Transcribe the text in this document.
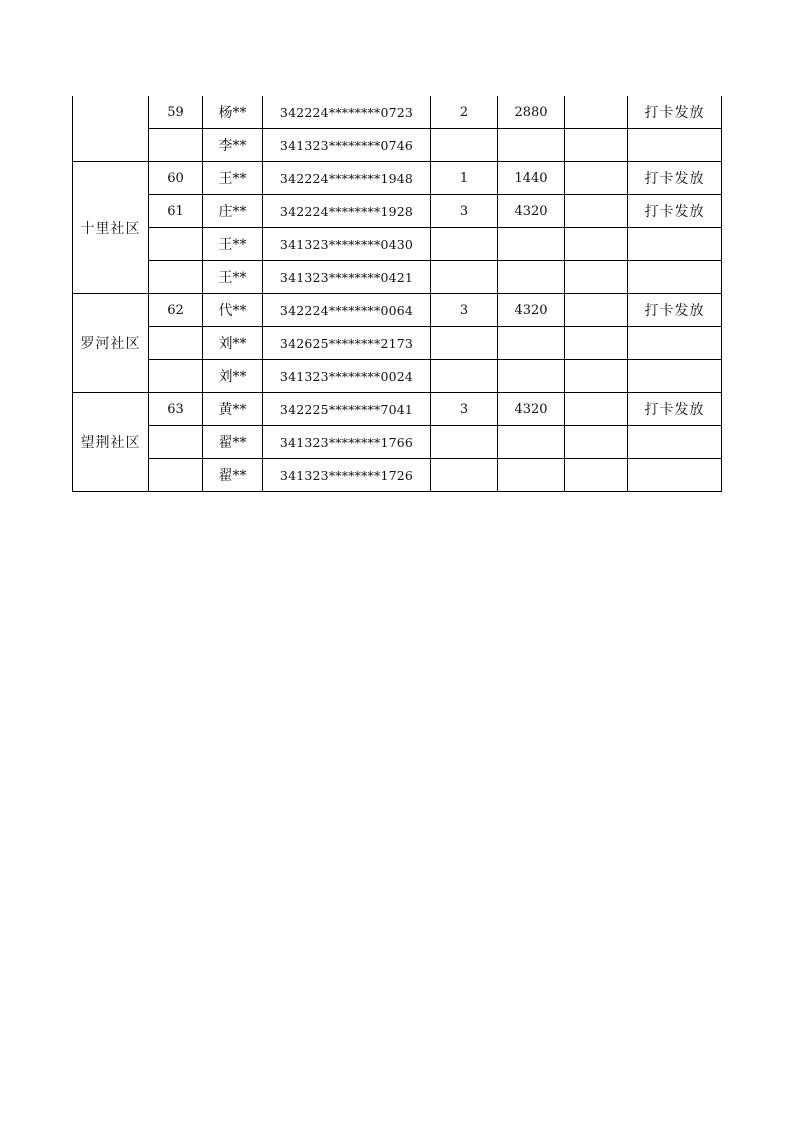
	59	杨**	342224********0723	2	2880		打卡发放
		李**	341323********0746				
十里社区	60	王**	342224********1948	1	1440		打卡发放
	61	庄**	342224********1928	3	4320		打卡发放
		王**	341323********0430				
		王**	341323********0421				
罗河社区	62	代**	342224********0064	3	4320		打卡发放
		刘**	342625********2173				
		刘**	341323********0024				
望荆社区	63	黄**	342225********7041	3	4320		打卡发放
		翟**	341323********1766				
		翟**	341323********1726				
